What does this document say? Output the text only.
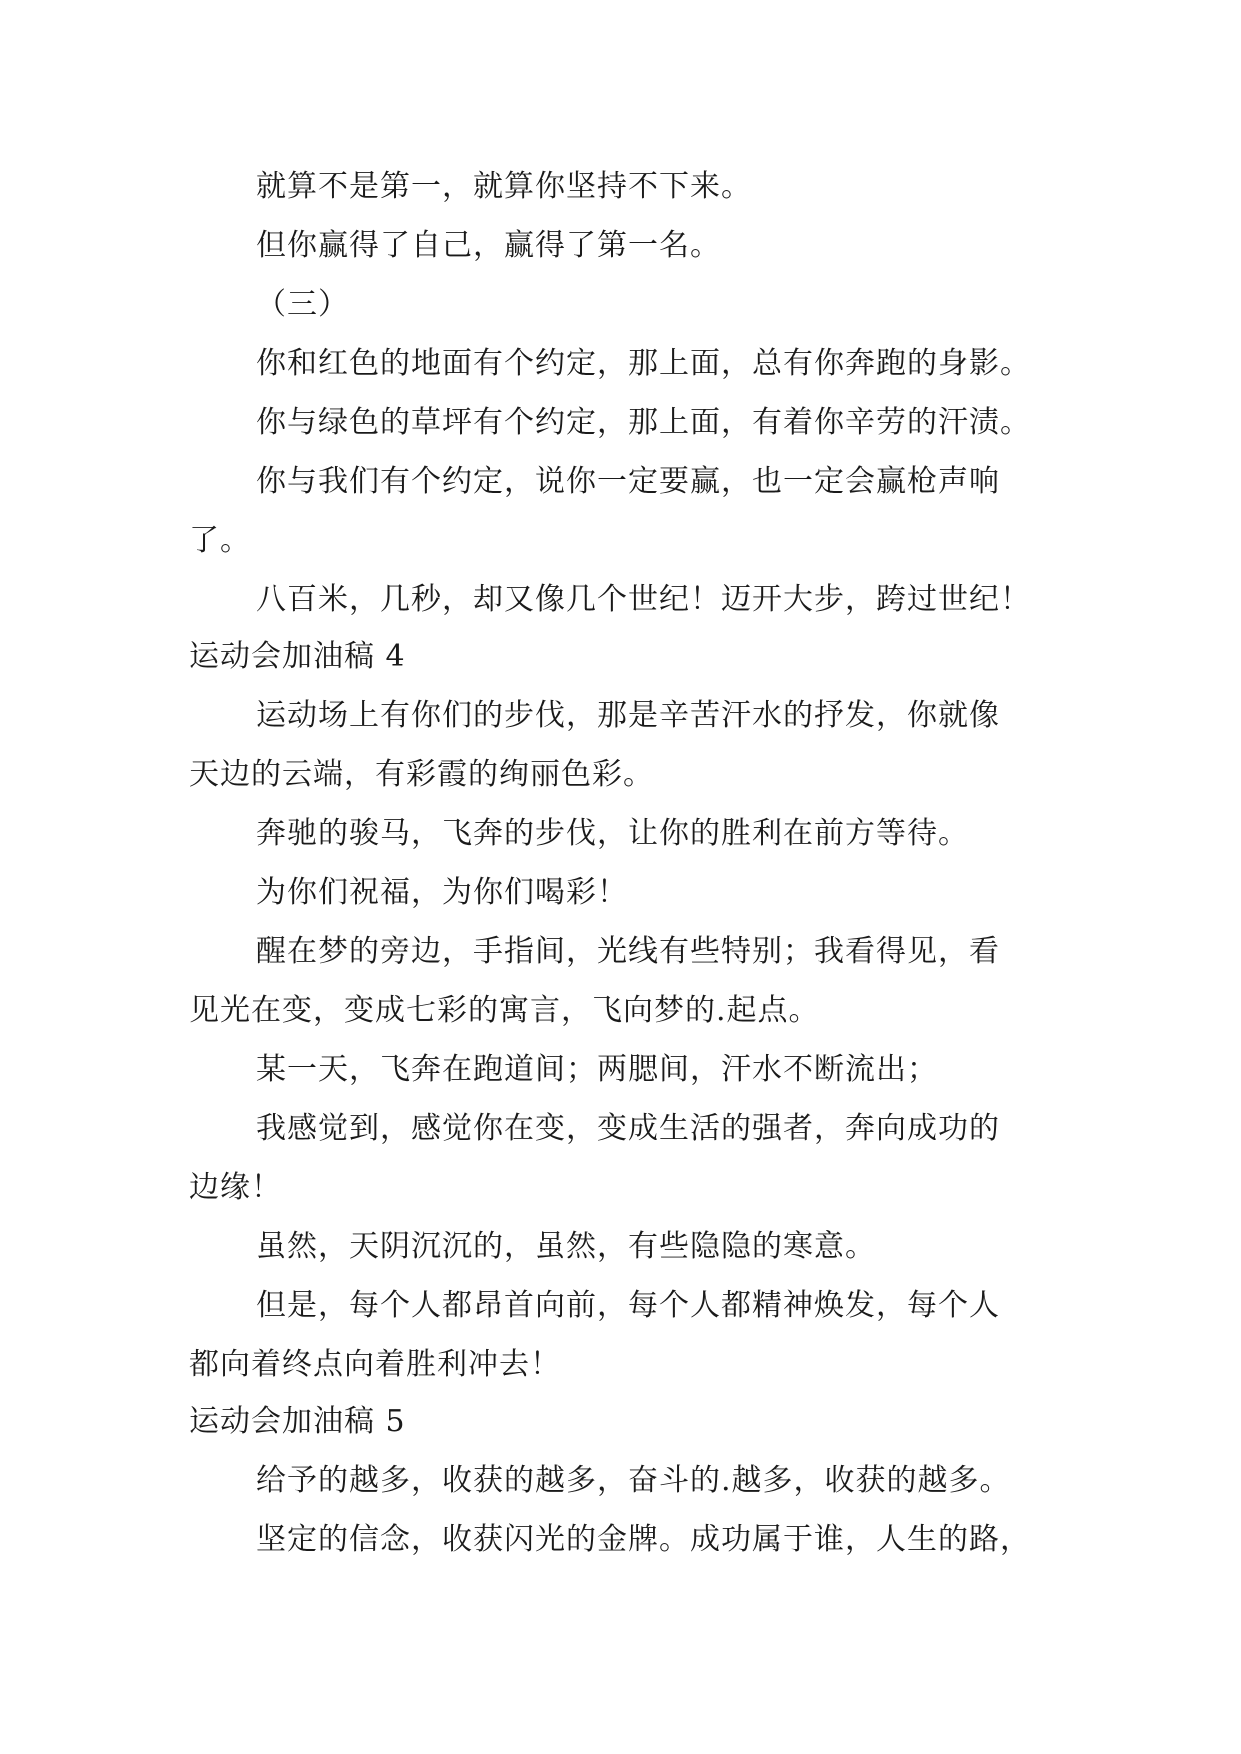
就算不是第一，就算你坚持不下来。
但你赢得了自己，赢得了第一名。
（三）
你和红色的地面有个约定，那上面，总有你奔跑的身影。
你与绿色的草坪有个约定，那上面，有着你辛劳的汗渍。
你与我们有个约定，说你一定要赢，也一定会赢枪声响
了。
八百米，几秒，却又像几个世纪！迈开大步，跨过世纪！
运动会加油稿 4
运动场上有你们的步伐，那是辛苦汗水的抒发，你就像
天边的云端，有彩霞的绚丽色彩。
奔驰的骏马，飞奔的步伐，让你的胜利在前方等待。
为你们祝福，为你们喝彩！
醒在梦的旁边，手指间，光线有些特别；我看得见，看
见光在变，变成七彩的寓言，飞向梦的.起点。
某一天，飞奔在跑道间；两腮间，汗水不断流出；
我感觉到，感觉你在变，变成生活的强者，奔向成功的
边缘！
虽然，天阴沉沉的，虽然，有些隐隐的寒意。
但是，每个人都昂首向前，每个人都精神焕发，每个人
都向着终点向着胜利冲去！
运动会加油稿 5
给予的越多，收获的越多，奋斗的.越多，收获的越多。
坚定的信念，收获闪光的金牌。成功属于谁，人生的路，
